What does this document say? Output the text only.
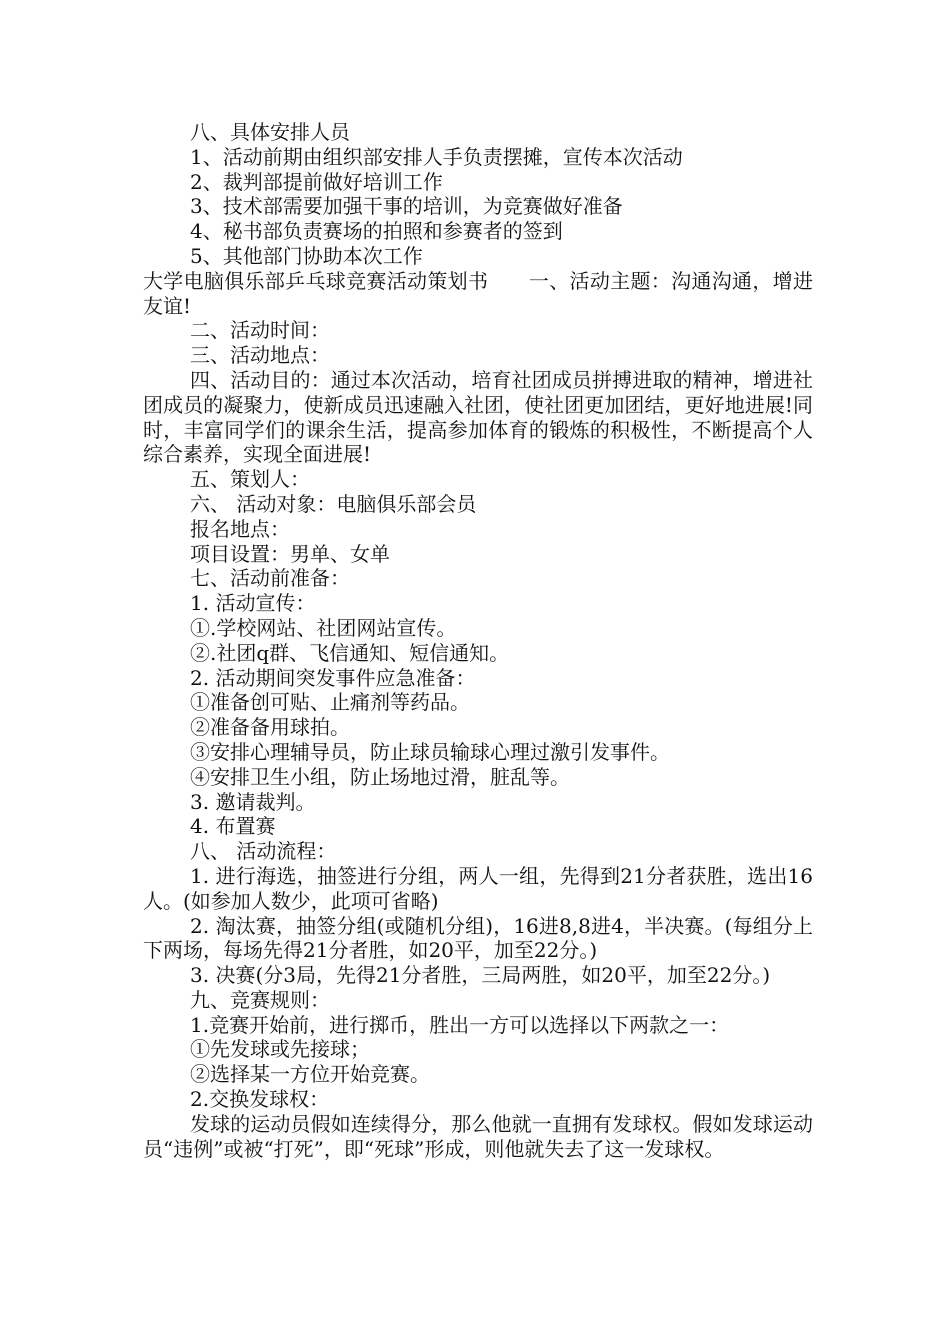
八、具体安排人员

1、活动前期由组织部安排人手负责摆摊，宣传本次活动

2、裁判部提前做好培训工作

3、技术部需要加强干事的培训，为竞赛做好准备

4、秘书部负责赛场的拍照和参赛者的签到

5、其他部门协助本次工作

大学电脑俱乐部乒乓球竞赛活动策划书　　一、活动主题：沟通沟通，增进友谊!

二、活动时间：

三、活动地点：

四、活动目的：通过本次活动，培育社团成员拼搏进取的精神，增进社团成员的凝聚力，使新成员迅速融入社团，使社团更加团结，更好地进展!同时，丰富同学们的课余生活，提高参加体育的锻炼的积极性，不断提高个人综合素养，实现全面进展!

五、策划人：

六、 活动对象：电脑俱乐部会员

报名地点：

项目设置：男单、女单

七、活动前准备：

1. 活动宣传：

①.学校网站、社团网站宣传。

②.社团q群、飞信通知、短信通知。

2. 活动期间突发事件应急准备：

①准备创可贴、止痛剂等药品。

②准备备用球拍。

③安排心理辅导员，防止球员输球心理过激引发事件。

④安排卫生小组，防止场地过滑，脏乱等。

3. 邀请裁判。

4. 布置赛

八、 活动流程：

1. 进行海选，抽签进行分组，两人一组，先得到21分者获胜，选出16人。(如参加人数少，此项可省略)

2. 淘汰赛，抽签分组(或随机分组)，16进8,8进4，半决赛。(每组分上下两场，每场先得21分者胜，如20平，加至22分。)

3. 决赛(分3局，先得21分者胜，三局两胜，如20平，加至22分。)

九、竞赛规则：

1.竞赛开始前，进行掷币，胜出一方可以选择以下两款之一：

①先发球或先接球；

②选择某一方位开始竞赛。

2.交换发球权：

发球的运动员假如连续得分，那么他就一直拥有发球权。假如发球运动员“违例”或被“打死”，即“死球”形成，则他就失去了这一发球权。
